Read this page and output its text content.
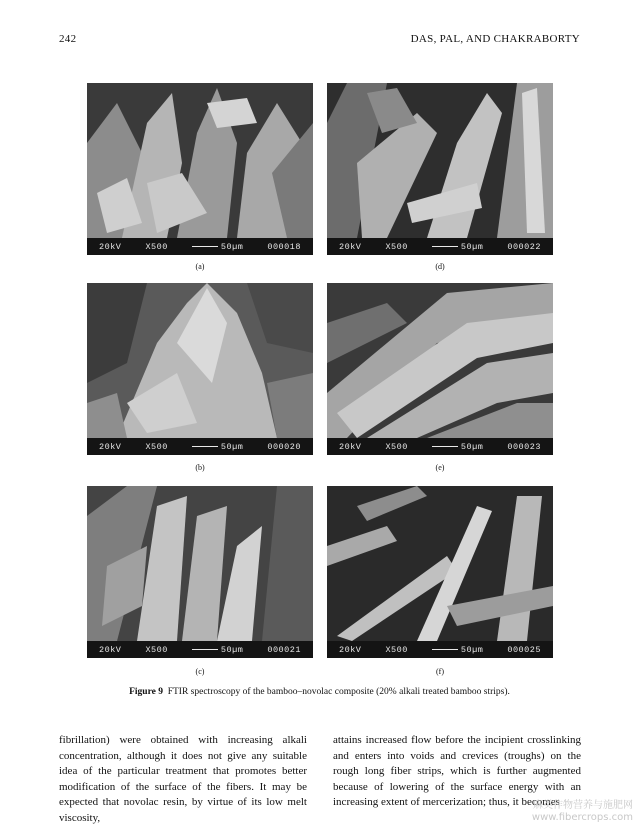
242	DAS, PAL, AND CHAKRABORTY
20kV	X500	50µm	000018
(a)
20kV	X500	50µm	000022
(d)
20kV	X500	50µm	000020
(b)
20kV	X500	50µm	000023
(e)
20kV	X500	50µm	000021
(c)
20kV	X500	50µm	000025
(f)
Figure 9 FTIR spectroscopy of the bamboo–novolac composite (20% alkali treated bamboo strips).
fibrillation) were obtained with increasing alkali concentration, although it does not give any suitable idea of the particular treatment that promotes better modification of the surface of the fibers. It may be expected that novolac resin, by virtue of its low melt viscosity,
attains increased flow before the incipient crosslinking and enters into voids and crevices (troughs) on the rough long fiber strips, which is further augmented because of lowering of the surface energy with an increasing extent of mercerization; thus, it becomes
麻类作物营养与施肥网
www.fibercrops.com
